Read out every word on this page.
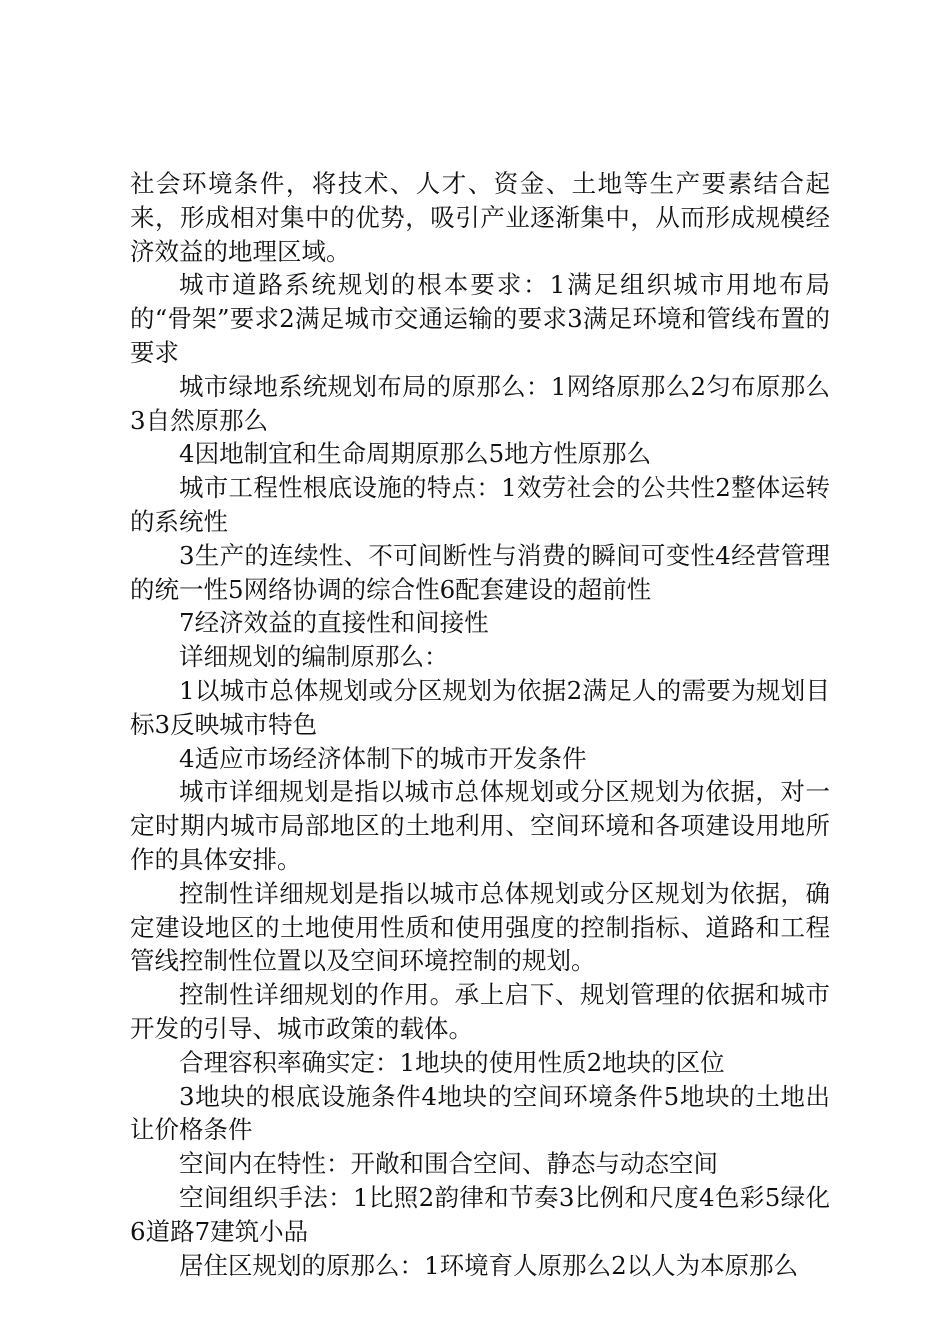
社会环境条件，将技术、人才、资金、土地等生产要素结合起来，形成相对集中的优势，吸引产业逐渐集中，从而形成规模经济效益的地理区域。

城市道路系统规划的根本要求：1满足组织城市用地布局的“骨架”要求2满足城市交通运输的要求3满足环境和管线布置的要求

城市绿地系统规划布局的原那么：1网络原那么2匀布原那么3自然原那么

4因地制宜和生命周期原那么5地方性原那么

城市工程性根底设施的特点：1效劳社会的公共性2整体运转的系统性

3生产的连续性、不可间断性与消费的瞬间可变性4经营管理的统一性5网络协调的综合性6配套建设的超前性

7经济效益的直接性和间接性

详细规划的编制原那么：

1以城市总体规划或分区规划为依据2满足人的需要为规划目标3反映城市特色

4适应市场经济体制下的城市开发条件

城市详细规划是指以城市总体规划或分区规划为依据，对一定时期内城市局部地区的土地利用、空间环境和各项建设用地所作的具体安排。

控制性详细规划是指以城市总体规划或分区规划为依据，确定建设地区的土地使用性质和使用强度的控制指标、道路和工程管线控制性位置以及空间环境控制的规划。

控制性详细规划的作用。承上启下、规划管理的依据和城市开发的引导、城市政策的载体。

合理容积率确实定：1地块的使用性质2地块的区位

3地块的根底设施条件4地块的空间环境条件5地块的土地出让价格条件

空间内在特性：开敞和围合空间、静态与动态空间

空间组织手法：1比照2韵律和节奏3比例和尺度4色彩5绿化6道路7建筑小品

居住区规划的原那么：1环境育人原那么2以人为本原那么
